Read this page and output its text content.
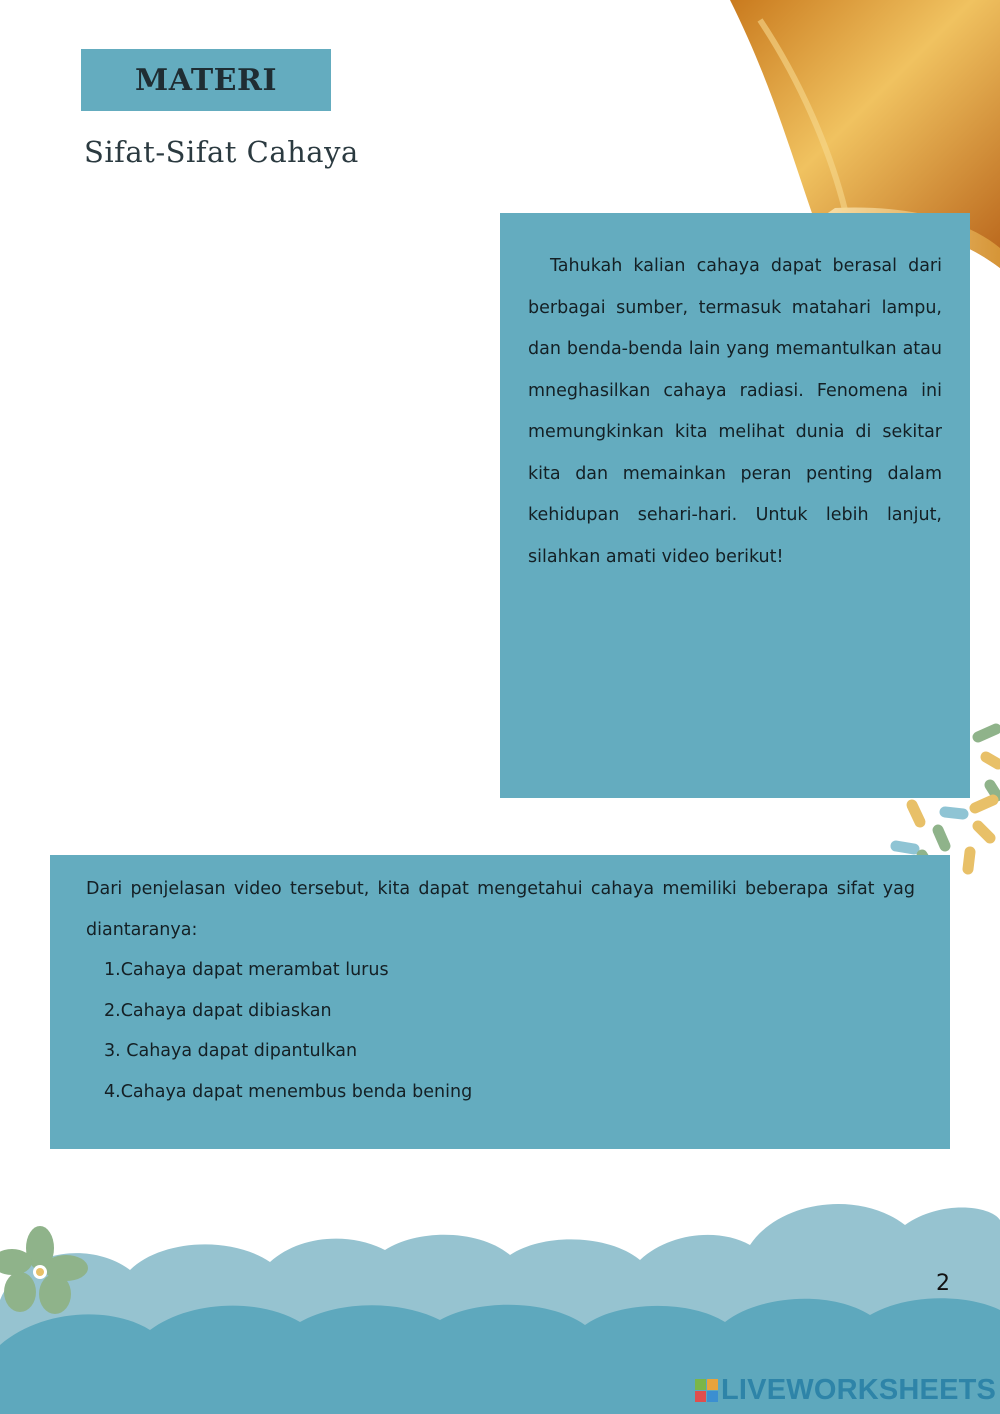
MATERI
Sifat-Sifat Cahaya

Tahukah kalian cahaya dapat berasal dari berbagai sumber, termasuk matahari lampu, dan benda-benda lain yang memantulkan atau mneghasilkan cahaya radiasi. Fenomena ini memungkinkan kita melihat dunia di sekitar kita dan memainkan peran penting dalam kehidupan sehari-hari. Untuk lebih lanjut, silahkan amati video berikut!

Dari penjelasan video tersebut, kita dapat mengetahui cahaya memiliki beberapa sifat yag diantaranya:

1.Cahaya dapat merambat lurus
2.Cahaya dapat dibiaskan
3. Cahaya dapat dipantulkan
4.Cahaya dapat menembus benda bening
2
LIVEWORKSHEETS
